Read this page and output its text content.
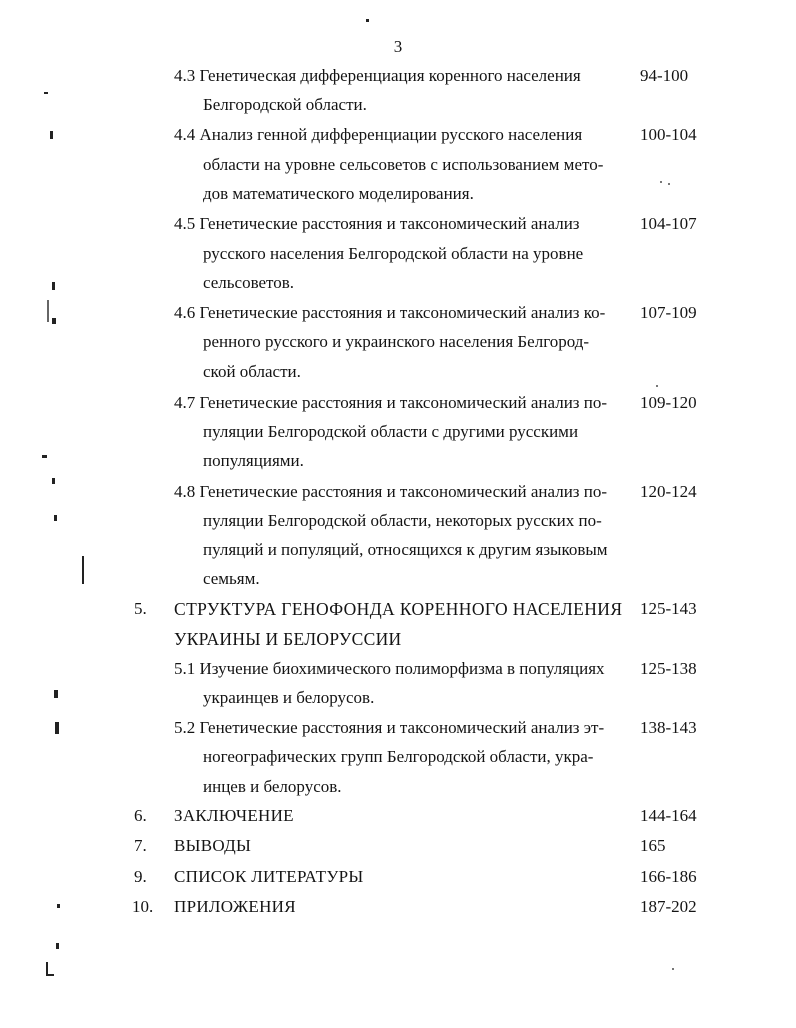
3
4.3 Генетическая дифференциация коренного населения
Белгородской области.
94-100
4.4 Анализ генной дифференциации русского населения
области на уровне сельсоветов с использованием мето-
дов математического моделирования.
100-104
4.5 Генетические расстояния и таксономический анализ
русского населения Белгородской области на уровне
сельсоветов.
104-107
4.6 Генетические расстояния и таксономический анализ ко-
ренного русского и украинского населения Белгород-
ской области.
107-109
4.7 Генетические расстояния и таксономический анализ по-
пуляции Белгородской области с другими русскими
популяциями.
109-120
4.8 Генетические расстояния и таксономический анализ по-
пуляции Белгородской области, некоторых русских по-
пуляций и популяций, относящихся к другим языковым
семьям.
120-124
5. СТРУКТУРА ГЕНОФОНДА КОРЕННОГО НАСЕЛЕНИЯ
УКРАИНЫ И БЕЛОРУССИИ
125-143
5.1 Изучение биохимического полиморфизма в популяциях
украинцев и белорусов.
125-138
5.2 Генетические расстояния и таксономический анализ эт-
ногеографических групп Белгородской области, укра-
инцев и белорусов.
138-143
6. ЗАКЛЮЧЕНИЕ	144-164
7. ВЫВОДЫ	165
9. СПИСОК ЛИТЕРАТУРЫ	166-186
10. ПРИЛОЖЕНИЯ	187-202
